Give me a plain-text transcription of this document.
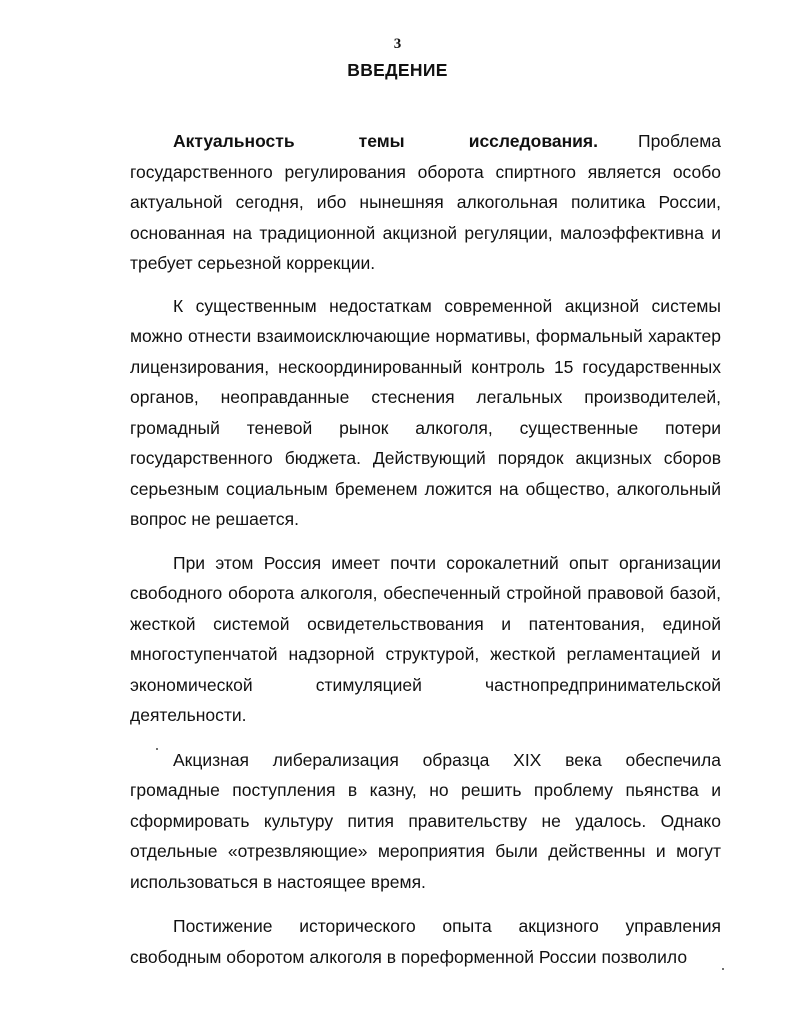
3
ВВЕДЕНИЕ

Актуальность темы исследования. Проблема государственного регулирования оборота спиртного является особо актуальной сегодня, ибо нынешняя алкогольная политика России, основанная на традиционной акцизной регуляции, малоэффективна и требует серьезной коррекции.

К существенным недостаткам современной акцизной системы можно отнести взаимоисключающие нормативы, формальный характер лицензирования, нескоординированный контроль 15 государственных органов, неоправданные стеснения легальных производителей, громадный теневой рынок алкоголя, существенные потери государственного бюджета. Действующий порядок акцизных сборов серьезным социальным бременем ложится на общество, алкогольный вопрос не решается.

При этом Россия имеет почти сорокалетний опыт организации свободного оборота алкоголя, обеспеченный стройной правовой базой, жесткой системой освидетельствования и патентования, единой многоступенчатой надзорной структурой, жесткой регламентацией и экономической стимуляцией частнопредпринимательской деятельности.

Акцизная либерализация образца XIX века обеспечила громадные поступления в казну, но решить проблему пьянства и сформировать культуру пития правительству не удалось. Однако отдельные «отрезвляющие» мероприятия были действенны и могут использоваться в настоящее время.

Постижение исторического опыта акцизного управления свободным оборотом алкоголя в пореформенной России позволило
